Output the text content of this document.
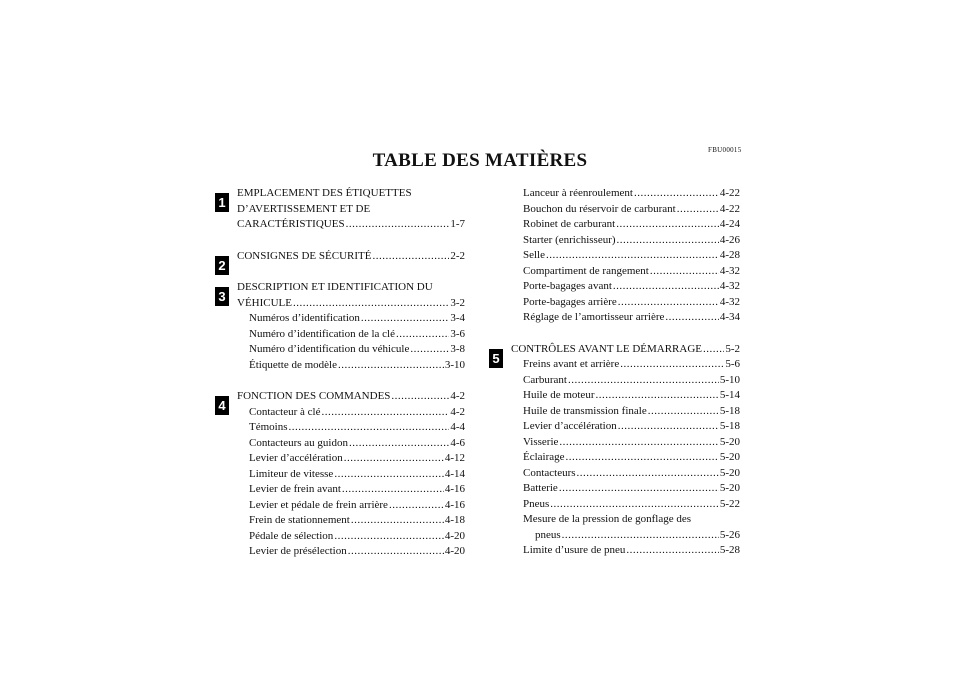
FBU00015
TABLE DES MATIÈRES
1
EMPLACEMENT DES ÉTIQUETTES
D’AVERTISSEMENT ET DE
CARACTÉRISTIQUES .....	1-7
2
CONSIGNES DE SÉCURITÉ .....	2-2
3
DESCRIPTION ET IDENTIFICATION DU
VÉHICULE .....	3-2
Numéros d’identification .....	3-4
Numéro d’identification de la clé .....	3-6
Numéro d’identification du véhicule .....	3-8
Étiquette de modèle .....	3-10
4
FONCTION DES COMMANDES .....	4-2
Contacteur à clé .....	4-2
Témoins .....	4-4
Contacteurs au guidon .....	4-6
Levier d’accélération .....	4-12
Limiteur de vitesse .....	4-14
Levier de frein avant .....	4-16
Levier et pédale de frein arrière .....	4-16
Frein de stationnement .....	4-18
Pédale de sélection .....	4-20
Levier de présélection .....	4-20
Lanceur à réenroulement .....	4-22
Bouchon du réservoir de carburant .....	4-22
Robinet de carburant .....	4-24
Starter (enrichisseur) .....	4-26
Selle .....	4-28
Compartiment de rangement .....	4-32
Porte-bagages avant .....	4-32
Porte-bagages arrière .....	4-32
Réglage de l’amortisseur arrière .....	4-34
5
CONTRÔLES AVANT LE DÉMARRAGE ..... 5-2
Freins avant et arrière .....	5-6
Carburant .....	5-10
Huile de moteur .....	5-14
Huile de transmission finale .....	5-18
Levier d’accélération .....	5-18
Visserie .....	5-20
Éclairage .....	5-20
Contacteurs .....	5-20
Batterie .....	5-20
Pneus .....	5-22
Mesure de la pression de gonflage des
pneus .....	5-26
Limite d’usure de pneu .....	5-28
